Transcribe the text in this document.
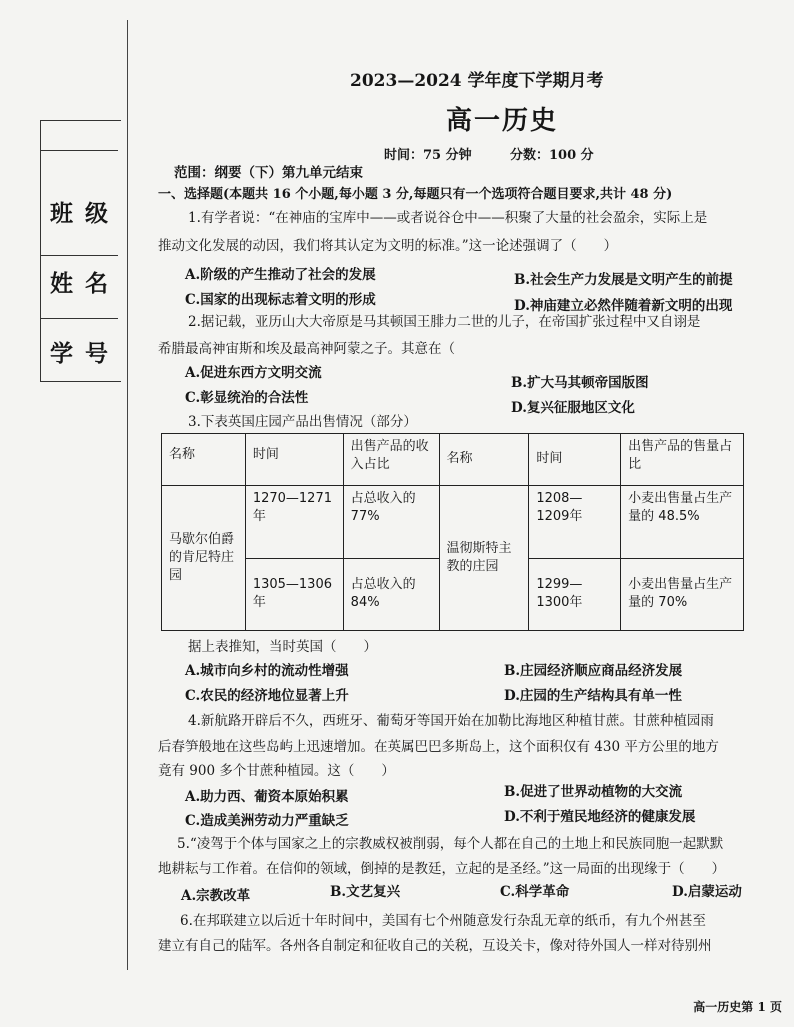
班级
姓名
学号
2023—2024 学年度下学期月考
高一历史
时间：75 分钟	分数：100 分
范围：纲要（下）第九单元结束
一、选择题(本题共 16 个小题,每小题 3 分,每题只有一个选项符合题目要求,共计 48 分)
1.有学者说：“在神庙的宝库中——或者说谷仓中——积聚了大量的社会盈余，实际上是
推动文化发展的动因，我们将其认定为文明的标准。”这一论述强调了（　　）
A.阶级的产生推动了社会的发展	B.社会生产力发展是文明产生的前提
C.国家的出现标志着文明的形成	D.神庙建立必然伴随着新文明的出现
2.据记载，亚历山大大帝原是马其顿国王腓力二世的儿子，在帝国扩张过程中又自诩是
希腊最高神宙斯和埃及最高神阿蒙之子。其意在（
A.促进东西方文明交流
B.扩大马其顿帝国版图
C.彰显统治的合法性
D.复兴征服地区文化
3.下表英国庄园产品出售情况（部分）
名称	时间	出售产品的收入占比	名称	时间	出售产品的售量占比
马歇尔伯爵的肯尼特庄园	1270—1271年	占总收入的77%	温彻斯特主教的庄园	1208—1209年	小麦出售量占生产量的 48.5%
	1305—1306年	占总收入的84%		1299—1300年	小麦出售量占生产量的 70%
据上表推知，当时英国（　　）
A.城市向乡村的流动性增强	B.庄园经济顺应商品经济发展
C.农民的经济地位显著上升	D.庄园的生产结构具有单一性
4.新航路开辟后不久，西班牙、葡萄牙等国开始在加勒比海地区种植甘蔗。甘蔗种植园雨
后春笋般地在这些岛屿上迅速增加。在英属巴巴多斯岛上，这个面积仅有 430 平方公里的地方
竟有 900 多个甘蔗种植园。这（　　）
A.助力西、葡资本原始积累	B.促进了世界动植物的大交流
C.造成美洲劳动力严重缺乏	D.不利于殖民地经济的健康发展
5.“凌驾于个体与国家之上的宗教威权被削弱，每个人都在自己的土地上和民族同胞一起默默
地耕耘与工作着。在信仰的领域，倒掉的是教廷，立起的是圣经。”这一局面的出现缘于（　　）
A.宗教改革	B.文艺复兴	C.科学革命	D.启蒙运动
6.在邦联建立以后近十年时间中，美国有七个州随意发行杂乱无章的纸币，有九个州甚至
建立有自己的陆军。各州各自制定和征收自己的关税，互设关卡，像对待外国人一样对待别州
高一历史第 1 页
